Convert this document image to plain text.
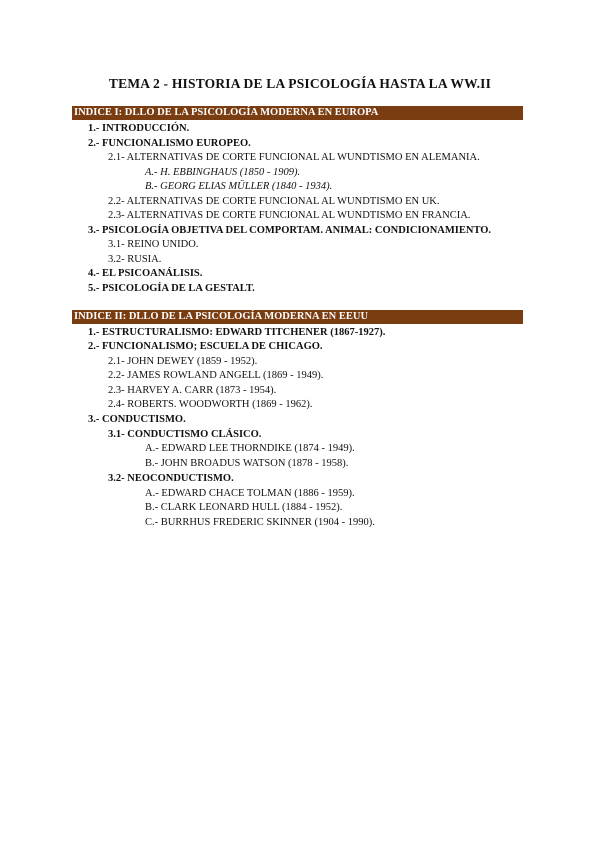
TEMA 2 - HISTORIA DE LA PSICOLOGÍA HASTA LA WW.II
INDICE I: DLLO DE LA PSICOLOGÍA MODERNA EN EUROPA
1.- INTRODUCCIÓN.
2.- FUNCIONALISMO EUROPEO.
2.1- ALTERNATIVAS DE CORTE FUNCIONAL AL WUNDTISMO EN ALEMANIA.
A.- H. EBBINGHAUS (1850 - 1909).
B.- GEORG ELIAS MÜLLER (1840 - 1934).
2.2- ALTERNATIVAS DE CORTE FUNCIONAL AL WUNDTISMO EN UK.
2.3- ALTERNATIVAS DE CORTE FUNCIONAL AL WUNDTISMO EN FRANCIA.
3.- PSICOLOGÍA OBJETIVA DEL COMPORTAM. ANIMAL: CONDICIONAMIENTO.
3.1- REINO UNIDO.
3.2- RUSIA.
4.- EL PSICOANÁLISIS.
5.- PSICOLOGÍA DE LA GESTALT.
INDICE II: DLLO DE LA PSICOLOGÍA MODERNA EN EEUU
1.- ESTRUCTURALISMO: EDWARD TITCHENER (1867-1927).
2.- FUNCIONALISMO; ESCUELA DE CHICAGO.
2.1- JOHN DEWEY (1859 - 1952).
2.2- JAMES ROWLAND ANGELL (1869 - 1949).
2.3- HARVEY A. CARR (1873 - 1954).
2.4- ROBERTS. WOODWORTH (1869 - 1962).
3.- CONDUCTISMO.
3.1- CONDUCTISMO CLÁSICO.
A.- EDWARD LEE THORNDIKE (1874 - 1949).
B.- JOHN BROADUS WATSON (1878 - 1958).
3.2- NEOCONDUCTISMO.
A.- EDWARD CHACE TOLMAN (1886 - 1959).
B.- CLARK LEONARD HULL (1884 - 1952).
C.- BURRHUS FREDERIC SKINNER (1904 - 1990).
